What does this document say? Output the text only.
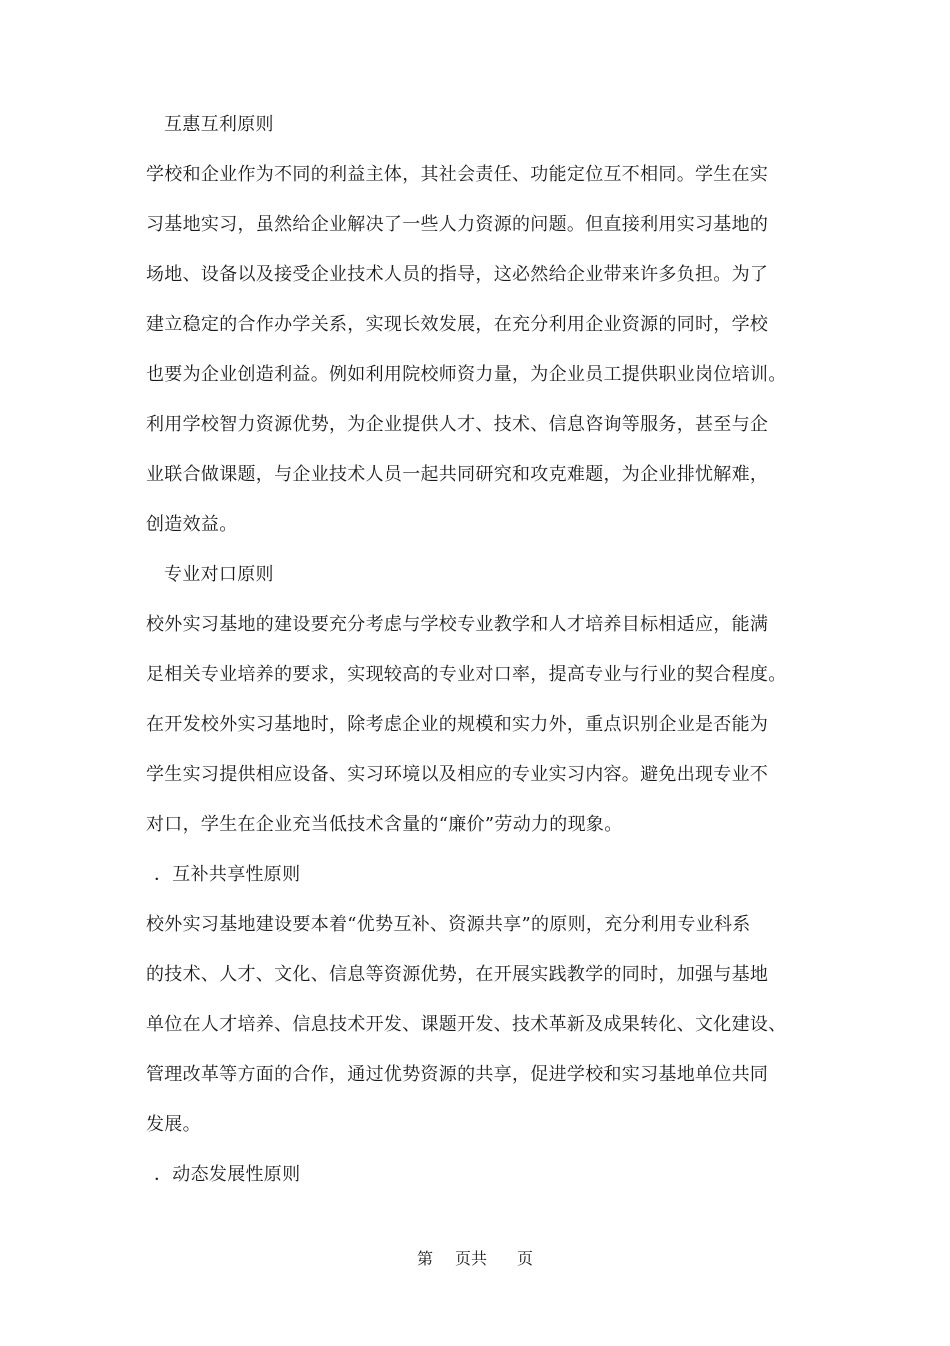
互惠互利原则
学校和企业作为不同的利益主体，其社会责任、功能定位互不相同。学生在实
习基地实习，虽然给企业解决了一些人力资源的问题。但直接利用实习基地的
场地、设备以及接受企业技术人员的指导，这必然给企业带来许多负担。为了
建立稳定的合作办学关系，实现长效发展，在充分利用企业资源的同时，学校
也要为企业创造利益。例如利用院校师资力量，为企业员工提供职业岗位培训。
利用学校智力资源优势，为企业提供人才、技术、信息咨询等服务，甚至与企
业联合做课题，与企业技术人员一起共同研究和攻克难题，为企业排忧解难，
创造效益。
专业对口原则
校外实习基地的建设要充分考虑与学校专业教学和人才培养目标相适应，能满
足相关专业培养的要求，实现较高的专业对口率，提高专业与行业的契合程度。
在开发校外实习基地时，除考虑企业的规模和实力外，重点识别企业是否能为
学生实习提供相应设备、实习环境以及相应的专业实习内容。避免出现专业不
对口，学生在企业充当低技术含量的“廉价”劳动力的现象。
．互补共享性原则
校外实习基地建设要本着“优势互补、资源共享”的原则，充分利用专业科系
的技术、人才、文化、信息等资源优势，在开展实践教学的同时，加强与基地
单位在人才培养、信息技术开发、课题开发、技术革新及成果转化、文化建设、
管理改革等方面的合作，通过优势资源的共享，促进学校和实习基地单位共同
发展。
．动态发展性原则
第 页共 页
